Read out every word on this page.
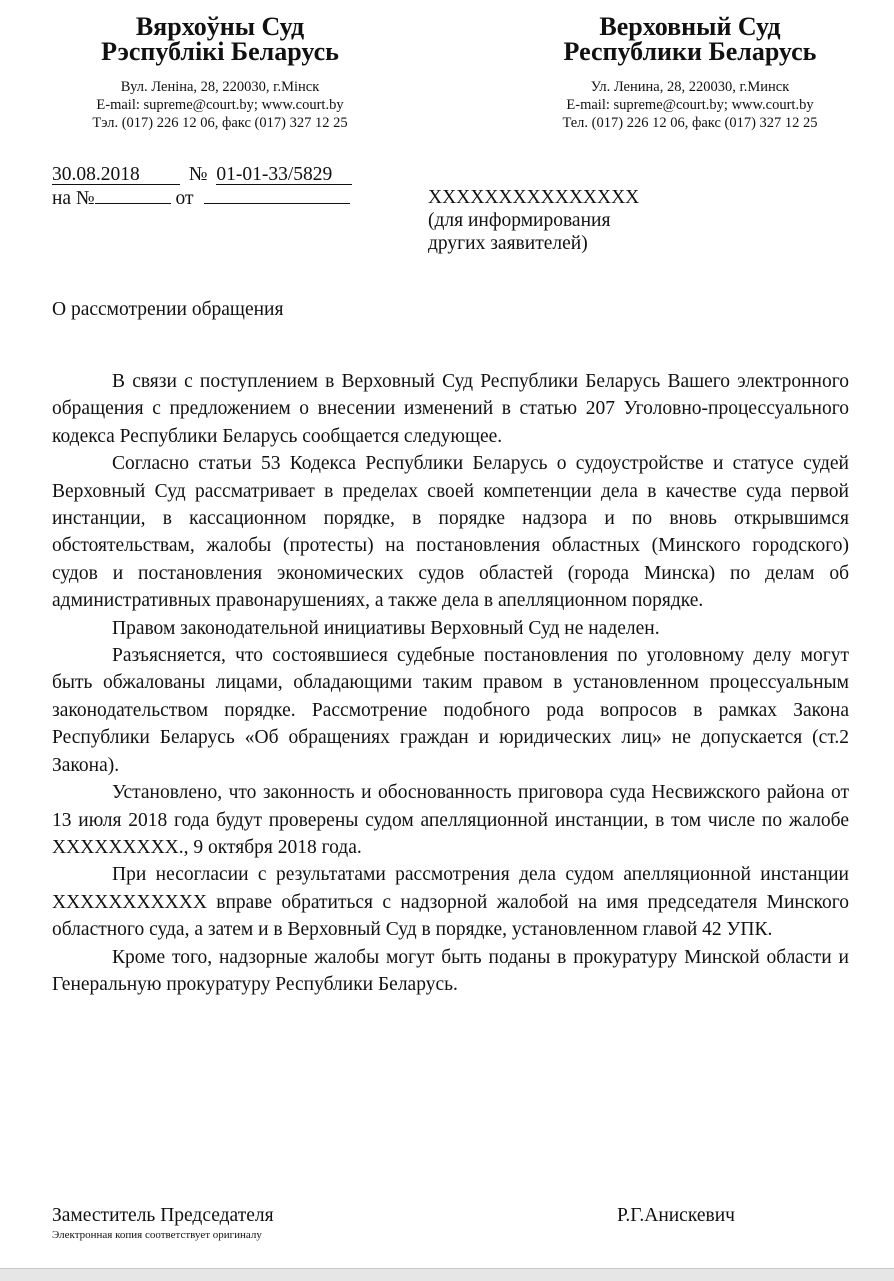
Вярхоўны Суд
Рэспублiкi Беларусь
Вул. Ленiна, 28, 220030, г.Мiнск
E-mail: supreme@court.by; www.court.by
Тэл. (017) 226 12 06, факс (017) 327 12 25
Верховный Суд
Республики Беларусь
Ул. Ленина, 28, 220030, г.Минск
E-mail: supreme@court.by; www.court.by
Тел. (017) 226 12 06, факс (017) 327 12 25
30.08.2018	№ 01-01-33/5829
на №	от	ХХХХХХХХХХХХХХХ
(для информирования
других заявителей)
О рассмотрении обращения

В связи с поступлением в Верховный Суд Республики Беларусь Вашего электронного обращения с предложением о внесении изменений в статью 207 Уголовно-процессуального кодекса Республики Беларусь сообщается следующее.

Согласно статьи 53 Кодекса Республики Беларусь о судоустройстве и статусе судей Верховный Суд рассматривает в пределах своей компетенции дела в качестве суда первой инстанции, в кассационном порядке, в порядке надзора и по вновь открывшимся обстоятельствам, жалобы (протесты) на постановления областных (Минского городского) судов и постановления экономических судов областей (города Минска) по делам об административных правонарушениях, а также дела в апелляционном порядке.

Правом законодательной инициативы Верховный Суд не наделен.

Разъясняется, что состоявшиеся судебные постановления по уголовному делу могут быть обжалованы лицами, обладающими таким правом в установленном процессуальным законодательством порядке. Рассмотрение подобного рода вопросов в рамках Закона Республики Беларусь «Об обращениях граждан и юридических лиц» не допускается (ст.2 Закона).

Установлено, что законность и обоснованность приговора суда Несвижского района от 13 июля 2018 года будут проверены судом апелляционной инстанции, в том числе по жалобе ХХХХХХХХХ., 9 октября 2018 года.

При несогласии с результатами рассмотрения дела судом апелляционной инстанции ХХХХХХХХХХХ вправе обратиться с надзорной жалобой на имя председателя Минского областного суда, а затем и в Верховный Суд в порядке, установленном главой 42 УПК.

Кроме того, надзорные жалобы могут быть поданы в прокуратуру Минской области и Генеральную прокуратуру Республики Беларусь.

Заместитель Председателя	Р.Г.Анискевич
Электронная копия соответствует оригиналу
